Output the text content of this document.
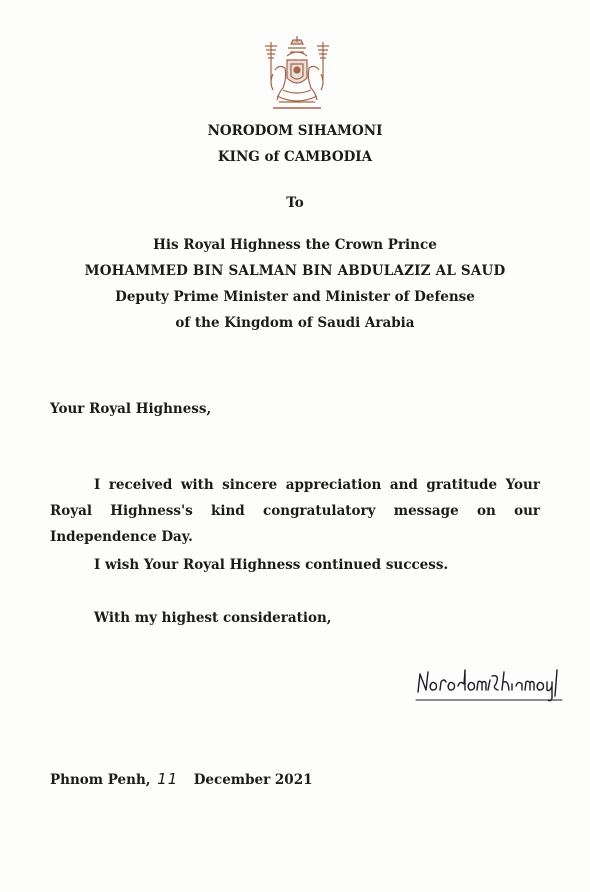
NORODOM SIHAMONI
KING of CAMBODIA
To
His Royal Highness the Crown Prince
MOHAMMED BIN SALMAN BIN ABDULAZIZ AL SAUD
Deputy Prime Minister and Minister of Defense
of the Kingdom of Saudi Arabia
Your Royal Highness,
I received with sincere appreciation and gratitude Your Royal Highness's kind congratulatory message on our Independence Day.
I wish Your Royal Highness continued success.
With my highest consideration,
Phnom Penh, 11 December 2021
